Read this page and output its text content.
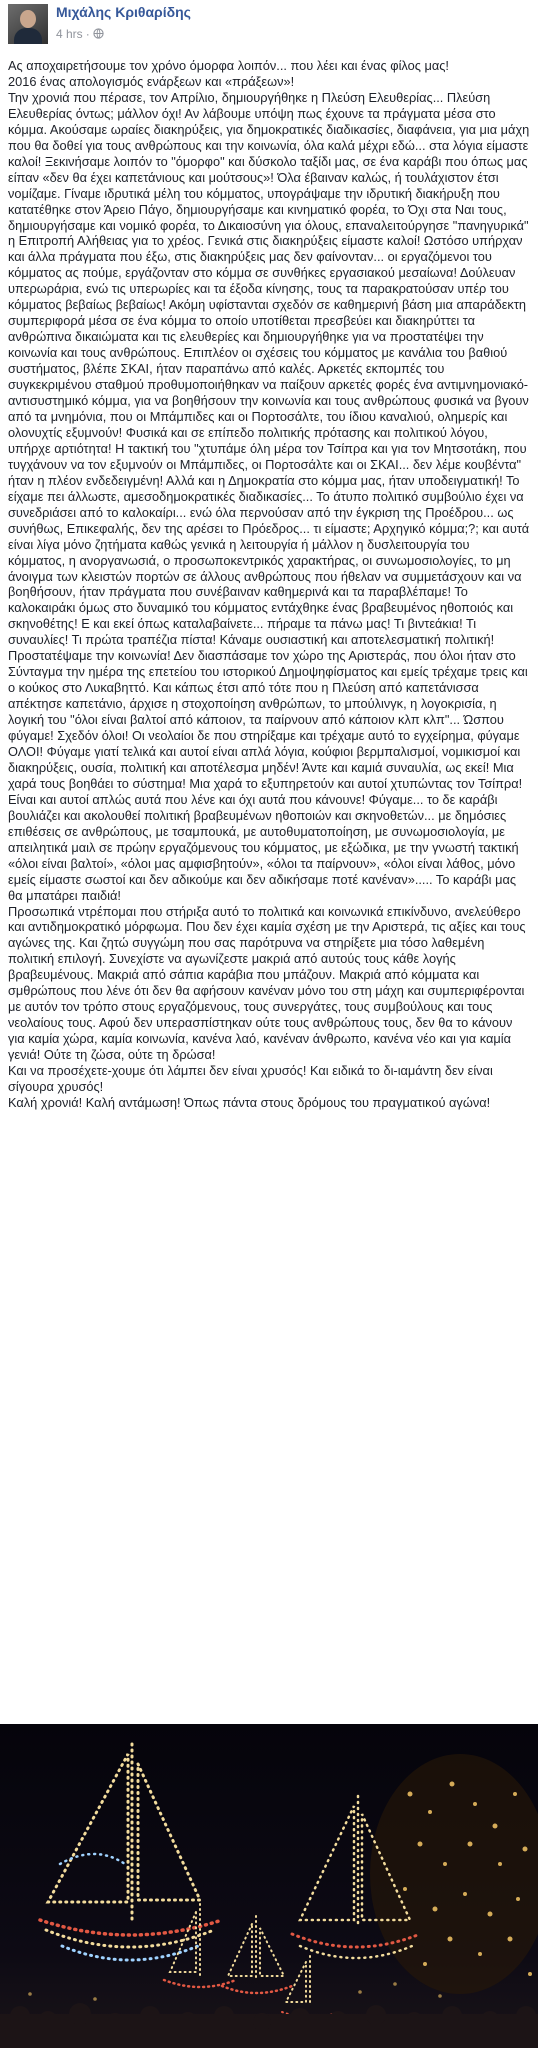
Μιχάλης Κριθαρίδης
4 hrs ·

Ας αποχαιρετήσουμε τον χρόνο όμορφα λοιπόν... που λέει και ένας φίλος μας!

2016 ένας απολογισμός ενάρξεων και «πράξεων»!

Την χρονιά που πέρασε, τον Απρίλιο, δημιουργήθηκε η Πλεύση Ελευθερίας... Πλεύση Ελευθερίας όντως; μάλλον όχι! Αν λάβουμε υπόψη πως έχουνε τα πράγματα μέσα στο κόμμα. Ακούσαμε ωραίες διακηρύξεις, για δημοκρατικές διαδικασίες, διαφάνεια, για μια μάχη που θα δοθεί για τους ανθρώπους και την κοινωνία, όλα καλά μέχρι εδώ... στα λόγια είμαστε καλοί! Ξεκινήσαμε λοιπόν το "όμορφο" και δύσκολο ταξίδι μας, σε ένα καράβι που όπως μας είπαν «δεν θα έχει καπετάνιους και μούτσους»! Όλα έβαιναν καλώς, ή τουλάχιστον έτσι νομίζαμε. Γίναμε ιδρυτικά μέλη του κόμματος, υπογράψαμε την ιδρυτική διακήρυξη που κατατέθηκε στον Άρειο Πάγο, δημιουργήσαμε και κινηματικό φορέα, το Όχι στα Ναι τους, δημιουργήσαμε και νομικό φορέα, το Δικαιοσύνη για όλους, επαναλειτούργησε "πανηγυρικά" η Επιτροπή Αλήθειας για το χρέος. Γενικά στις διακηρύξεις είμαστε καλοί! Ωστόσο υπήρχαν και άλλα πράγματα που έξω, στις διακηρύξεις μας δεν φαίνονταν... οι εργαζόμενοι του κόμματος ας πούμε, εργάζονταν στο κόμμα σε συνθήκες εργασιακού μεσαίωνα! Δούλευαν υπερωράρια, ενώ τις υπερωρίες και τα έξοδα κίνησης, τους τα παρακρατούσαν υπέρ του κόμματος βεβαίως βεβαίως! Ακόμη υφίστανται σχεδόν σε καθημερινή βάση μια απαράδεκτη συμπεριφορά μέσα σε ένα κόμμα το οποίο υποτίθεται πρεσβεύει και διακηρύττει τα ανθρώπινα δικαιώματα και τις ελευθερίες και δημιουργήθηκε για να προστατέψει την κοινωνία και τους ανθρώπους. Επιπλέον οι σχέσεις του κόμματος με κανάλια του βαθιού συστήματος, βλέπε ΣΚΑΙ, ήταν παραπάνω από καλές. Αρκετές εκπομπές του συγκεκριμένου σταθμού προθυμοποιήθηκαν να παίξουν αρκετές φορές ένα αντιμνημονιακό-αντισυστημικό κόμμα, για να βοηθήσουν την κοινωνία και τους ανθρώπους φυσικά να βγουν από τα μνημόνια, που οι Μπάμπιδες και οι Πορτοσάλτε, του ίδιου καναλιού, ολημερίς και ολονυχτίς εξυμνούν! Φυσικά και σε επίπεδο πολιτικής πρότασης και πολιτικού λόγου, υπήρχε αρτιότητα! Η τακτική του "χτυπάμε όλη μέρα τον Τσίπρα και για τον Μητσοτάκη, που τυγχάνουν να τον εξυμνούν οι Μπάμπιδες, οι Πορτοσάλτε και οι ΣΚΑΙ... δεν λέμε κουβέντα" ήταν η πλέον ενδεδειγμένη! Αλλά και η Δημοκρατία στο κόμμα μας, ήταν υποδειγματική! Το είχαμε πει άλλωστε, αμεσοδημοκρατικές διαδικασίες... Το άτυπο πολιτικό συμβούλιο έχει να συνεδριάσει από το καλοκαίρι... ενώ όλα περνούσαν από την έγκριση της Προέδρου... ως συνήθως, Επικεφαλής, δεν της αρέσει το Πρόεδρος... τι είμαστε; Αρχηγικό κόμμα;?; και αυτά είναι λίγα μόνο ζητήματα καθώς γενικά η λειτουργία ή μάλλον η δυσλειτουργία του κόμματος, η ανοργανωσιά, ο προσωποκεντρικός χαρακτήρας, οι συνωμοσιολογίες, το μη άνοιγμα των κλειστών πορτών σε άλλους ανθρώπους που ήθελαν να συμμετάσχουν και να βοηθήσουν, ήταν πράγματα που συνέβαιναν καθημερινά και τα παραβλέπαμε! Το καλοκαιράκι όμως στο δυναμικό του κόμματος εντάχθηκε ένας βραβευμένος ηθοποιός και σκηνοθέτης! Ε και εκεί όπως καταλαβαίνετε... πήραμε τα πάνω μας! Τι βιντεάκια! Τι συναυλίες! Τι πρώτα τραπέζια πίστα! Κάναμε ουσιαστική και αποτελεσματική πολιτική! Προστατέψαμε την κοινωνία! Δεν διασπάσαμε τον χώρο της Αριστεράς, που όλοι ήταν στο Σύνταγμα την ημέρα της επετείου του ιστορικού Δημοψηφίσματος και εμείς τρέχαμε τρεις και ο κούκος στο Λυκαβηττό. Και κάπως έτσι από τότε που η Πλεύση από καπετάνισσα απέκτησε καπετάνιο, άρχισε η στοχοποίηση ανθρώπων, το μπούλινγκ, η λογοκρισία, η λογική του "όλοι είναι βαλτοί από κάποιον, τα παίρνουν από κάποιον κλπ κλπ"... Ώσπου φύγαμε! Σχεδόν όλοι! Οι νεολαίοι δε που στηρίξαμε και τρέχαμε αυτό το εγχείρημα, φύγαμε ΟΛΟΙ! Φύγαμε γιατί τελικά και αυτοί είναι απλά λόγια, κούφιοι βερμπαλισμοί, νομικισμοί και διακηρύξεις, ουσία, πολιτική και αποτέλεσμα μηδέν! Άντε και καμιά συναυλία, ως εκεί! Μια χαρά τους βοηθάει το σύστημα! Μια χαρά το εξυπηρετούν και αυτοί χτυπώντας τον Τσίπρα! Είναι και αυτοί απλώς αυτά που λένε και όχι αυτά που κάνουνε! Φύγαμε... το δε καράβι βουλιάζει και ακολουθεί πολιτική βραβευμένων ηθοποιών και σκηνοθετών... με δημόσιες επιθέσεις σε ανθρώπους, με τσαμπουκά, με αυτοθυματοποίηση, με συνωμοσιολογία, με απειλητικά μαιλ σε πρώην εργαζόμενους του κόμματος, με εξώδικα, με την γνωστή τακτική «όλοι είναι βαλτοί», «όλοι μας αμφισβητούν», «όλοι τα παίρνουν», «όλοι είναι λάθος, μόνο εμείς είμαστε σωστοί και δεν αδικούμε και δεν αδικήσαμε ποτέ κανέναν»..... Το καράβι μας θα μπατάρει παιδιά!

Προσωπικά ντρέπομαι που στήριξα αυτό το πολιτικά και κοινωνικά επικίνδυνο, ανελεύθερο και αντιδημοκρατικό μόρφωμα. Που δεν έχει καμία σχέση με την Αριστερά, τις αξίες και τους αγώνες της. Και ζητώ συγγώμη που σας παρότρυνα να στηρίξετε μια τόσο λαθεμένη πολιτική επιλογή. Συνεχίστε να αγωνίζεστε μακριά από αυτούς τους κάθε λογής βραβευμένους. Μακριά από σάπια καράβια που μπάζουν. Μακριά από κόμματα και σμθρώπους που λένε ότι δεν θα αφήσουν κανέναν μόνο του στη μάχη και συμπεριφέρονται με αυτόν τον τρόπο στους εργαζόμενους, τους συνεργάτες, τους συμβούλους και τους νεολαίους τους. Αφού δεν υπερασπίστηκαν ούτε τους ανθρώπους τους, δεν θα το κάνουν για καμία χώρα, καμία κοινωνία, κανένα λαό, κανέναν άνθρωπο, κανένα νέο και για καμία γενιά! Ούτε τη ζώσα, ούτε τη δρώσα!

Και να προσέχετε-χουμε ότι λάμπει δεν είναι χρυσός! Και ειδικά το δι-ιαμάντη δεν είναι σίγουρα χρυσός!

Καλή χρονιά! Καλή αντάμωση! Όπως πάντα στους δρόμους του πραγματικού αγώνα!
